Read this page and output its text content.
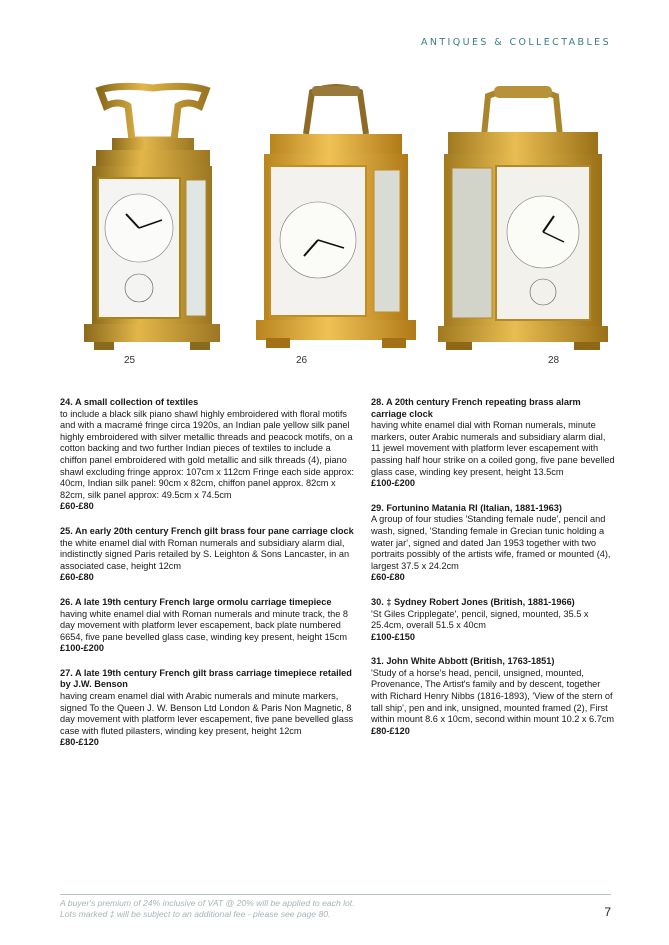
ANTIQUES & COLLECTABLES
25	26	28
24. A small collection of textiles
to include a black silk piano shawl highly embroidered with floral motifs and with a macramé fringe circa 1920s, an Indian pale yellow silk panel highly embroidered with silver metallic threads and peacock motifs, on a cotton backing and two further Indian pieces of textiles to include a chiffon panel embroidered with gold metallic and silk threads (4), piano shawl excluding fringe approx: 107cm x 112cm Fringe each side approx: 40cm, Indian silk panel: 90cm x 82cm, chiffon panel approx. 82cm x 82cm, silk panel approx: 49.5cm x 74.5cm
£60-£80
25. An early 20th century French gilt brass four pane carriage clock
the white enamel dial with Roman numerals and subsidiary alarm dial, indistinctly signed Paris retailed by S. Leighton & Sons Lancaster, in an associated case, height 12cm
£60-£80
26. A late 19th century French large ormolu carriage timepiece
having white enamel dial with Roman numerals and minute track, the 8 day movement with platform lever escapement, back plate numbered 6654, five pane bevelled glass case, winding key present, height 15cm
£100-£200
27. A late 19th century French gilt brass carriage timepiece retailed by J.W. Benson
having cream enamel dial with Arabic numerals and minute markers, signed To the Queen J. W. Benson Ltd London & Paris Non Magnetic, 8 day movement with platform lever escapement, five pane bevelled glass case with fluted pilasters, winding key present, height 12cm
£80-£120
28. A 20th century French repeating brass alarm carriage clock
having white enamel dial with Roman numerals, minute markers, outer Arabic numerals and subsidiary alarm dial, 11 jewel movement with platform lever escapement with passing half hour strike on a coiled gong, five pane bevelled glass case, winding key present, height 13.5cm
£100-£200
29. Fortunino Matania RI (Italian, 1881-1963)
A group of four studies 'Standing female nude', pencil and wash, signed, 'Standing female in Grecian tunic holding a water jar', signed and dated Jan 1953 together with two portraits possibly of the artists wife, framed or mounted (4), largest 37.5 x 24.2cm
£60-£80
30. ‡ Sydney Robert Jones (British, 1881-1966)
'St Giles Cripplegate', pencil, signed, mounted, 35.5 x 25.4cm, overall 51.5 x 40cm
£100-£150
31. John White Abbott (British, 1763-1851)
'Study of a horse's head, pencil, unsigned, mounted, Provenance, The Artist's family and by descent, together with Richard Henry Nibbs (1816-1893), 'View of the stern of tall ship', pen and ink, unsigned, mounted framed (2), First within mount 8.6 x 10cm, second within mount 10.2 x 6.7cm
£80-£120
A buyer's premium of 24% inclusive of VAT @ 20% will be applied to each lot.
Lots marked ‡ will be subject to an additional fee - please see page 80.	7
